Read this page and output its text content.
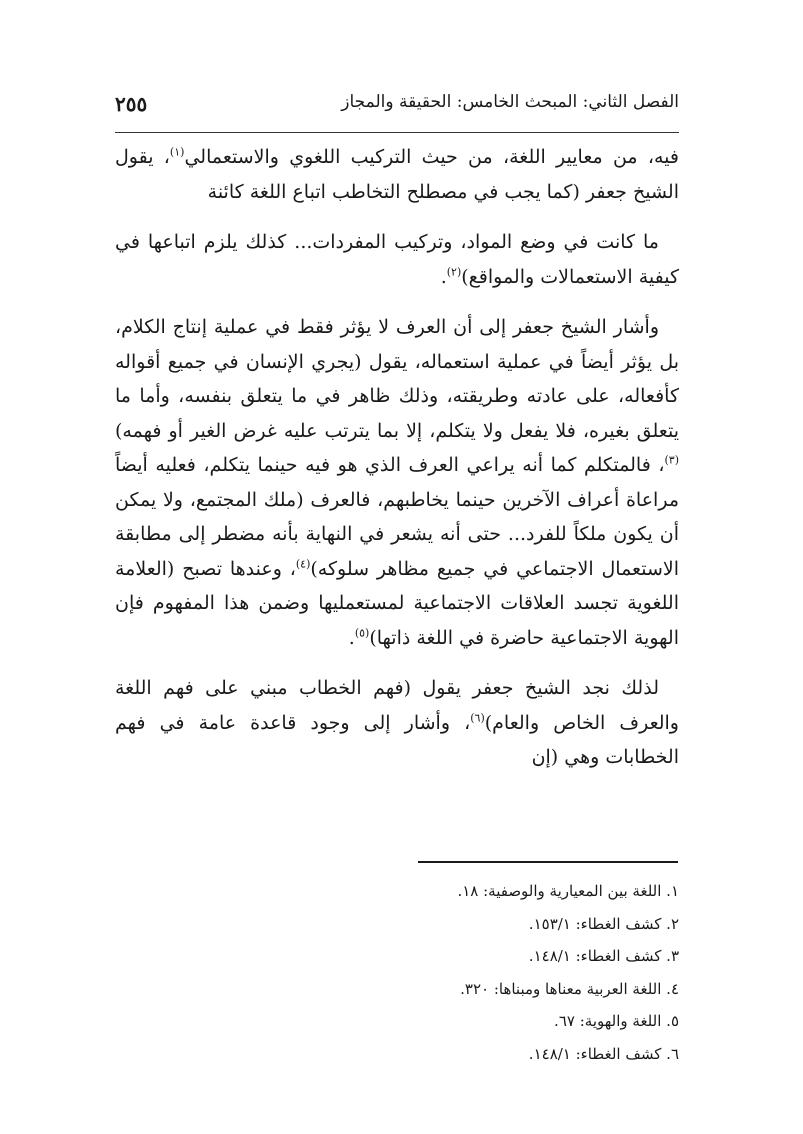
الفصل الثاني: المبحث الخامس: الحقيقة والمجاز
٢٥٥

فيه، من معايير اللغة، من حيث التركيب اللغوي والاستعمالي$^{(١)}$، يقول الشيخ جعفر (كما يجب في مصطلح التخاطب اتباع اللغة كائنة

ما كانت في وضع المواد، وتركيب المفردات... كذلك يلزم اتباعها في كيفية الاستعمالات والمواقع)$^{(٢)}$.

وأشار الشيخ جعفر إلى أن العرف لا يؤثر فقط في عملية إنتاج الكلام، بل يؤثر أيضاً في عملية استعماله، يقول (يجري الإنسان في جميع أقواله كأفعاله، على عادته وطريقته، وذلك ظاهر في ما يتعلق بنفسه، وأما ما يتعلق بغيره، فلا يفعل ولا يتكلم، إلا بما يترتب عليه غرض الغير أو فهمه)$^{(٣)}$، فالمتكلم كما أنه يراعي العرف الذي هو فيه حينما يتكلم، فعليه أيضاً مراعاة أعراف الآخرين حينما يخاطبهم، فالعرف (ملك المجتمع، ولا يمكن أن يكون ملكاً للفرد... حتى أنه يشعر في النهاية بأنه مضطر إلى مطابقة الاستعمال الاجتماعي في جميع مظاهر سلوكه)$^{(٤)}$، وعندها تصبح (العلامة اللغوية تجسد العلاقات الاجتماعية لمستعمليها وضمن هذا المفهوم فإن الهوية الاجتماعية حاضرة في اللغة ذاتها)$^{(٥)}$.

لذلك نجد الشيخ جعفر يقول (فهم الخطاب مبني على فهم اللغة والعرف الخاص والعام)$^{(٦)}$، وأشار إلى وجود قاعدة عامة في فهم الخطابات وهي (إن

١. اللغة بين المعيارية والوصفية: ١٨.
٢. كشف الغطاء: ١٥٣/١.
٣. كشف الغطاء: ١٤٨/١.
٤. اللغة العربية معناها ومبناها: ٣٢٠.
٥. اللغة والهوية: ٦٧.
٦. كشف الغطاء: ١٤٨/١.
